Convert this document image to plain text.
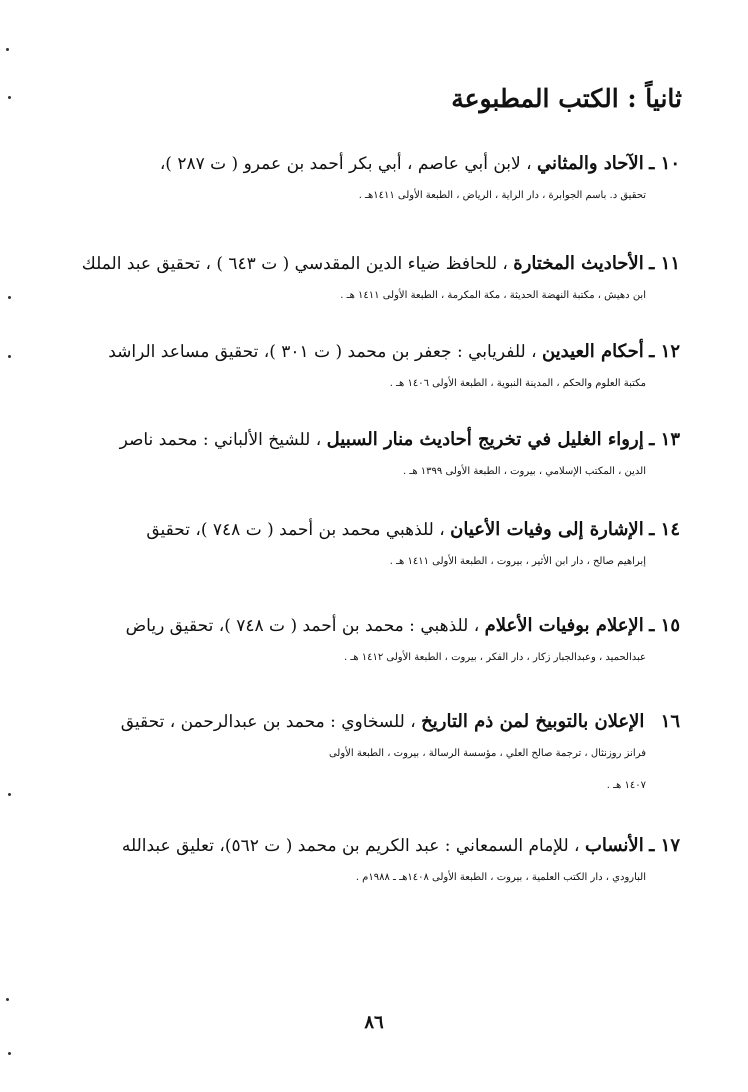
ثانياً : الكتب المطبوعة
١٠ ـ الآحاد والمثاني ، لابن أبي عاصم ، أبي بكر أحمد بن عمرو ( ت ٢٨٧ )،
تحقيق د. باسم الجوابرة ، دار الراية ، الرياض ، الطبعة الأولى ١٤١١هـ .
١١ ـ الأحاديث المختارة ، للحافظ ضياء الدين المقدسي ( ت ٦٤٣ ) ، تحقيق عبد الملك
ابن دهيش ، مكتبة النهضة الحديثة ، مكة المكرمة ، الطبعة الأولى ١٤١١ هـ .
١٢ ـ أحكام العيدين ، للفريابي : جعفر بن محمد ( ت ٣٠١ )، تحقيق مساعد الراشد
مكتبة العلوم والحكم ، المدينة النبوية ، الطبعة الأولى ١٤٠٦ هـ .
١٣ ـ إرواء الغليل في تخريج أحاديث منار السبيل ، للشيخ الألباني : محمد ناصر
الدين ، المكتب الإسلامي ، بيروت ، الطبعة الأولى ١٣٩٩ هـ .
١٤ ـ الإشارة إلى وفيات الأعيان ، للذهبي محمد بن أحمد ( ت ٧٤٨ )، تحقيق
إبراهيم صالح ، دار ابن الأثير ، بيروت ، الطبعة الأولى ١٤١١ هـ .
١٥ ـ الإعلام بوفيات الأعلام ، للذهبي : محمد بن أحمد ( ت ٧٤٨ )، تحقيق رياض
عبدالحميد ، وعبدالجبار زكار ، دار الفكر ، بيروت ، الطبعة الأولى ١٤١٢ هـ .
١٦   الإعلان بالتوبيخ لمن ذم التاريخ ، للسخاوي : محمد بن عبدالرحمن ، تحقيق
فرانز روزنثال ، ترجمة صالح العلي ، مؤسسة الرسالة ، بيروت ، الطبعة الأولى
١٤٠٧ هـ .
١٧ ـ الأنساب ، للإمام السمعاني : عبد الكريم بن محمد ( ت ٥٦٢)، تعليق عبدالله
البارودي ، دار الكتب العلمية ، بيروت ، الطبعة الأولى ١٤٠٨هـ ـ ١٩٨٨م .
٨٦
